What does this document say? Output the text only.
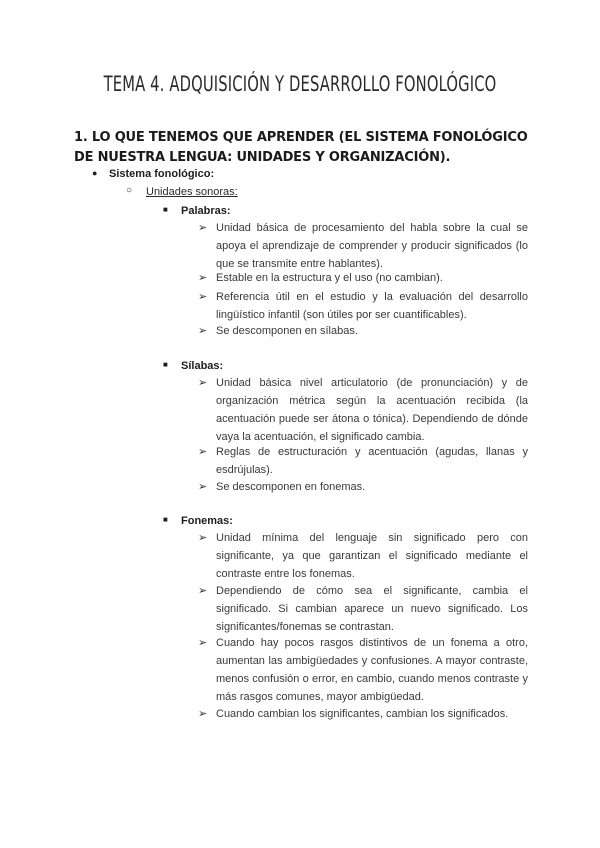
TEMA 4. ADQUISICIÓN Y DESARROLLO FONOLÓGICO
1. LO QUE TENEMOS QUE APRENDER (EL SISTEMA FONOLÓGICO DE NUESTRA LENGUA: UNIDADES Y ORGANIZACIÓN).
● Sistema fonológico:
○ Unidades sonoras:
■ Palabras:
➢ Unidad básica de procesamiento del habla sobre la cual se apoya el aprendizaje de comprender y producir significados (lo que se transmite entre hablantes).
➢ Estable en la estructura y el uso (no cambian).
➢ Referencia útil en el estudio y la evaluación del desarrollo lingüístico infantil (son útiles por ser cuantificables).
➢ Se descomponen en sílabas.
■ Sílabas:
➢ Unidad básica nivel articulatorio (de pronunciación) y de organización métrica según la acentuación recibida (la acentuación puede ser átona o tónica). Dependiendo de dónde vaya la acentuación, el significado cambia.
➢ Reglas de estructuración y acentuación (agudas, llanas y esdrújulas).
➢ Se descomponen en fonemas.
■ Fonemas:
➢ Unidad mínima del lenguaje sin significado pero con significante, ya que garantizan el significado mediante el contraste entre los fonemas.
➢ Dependiendo de cómo sea el significante, cambia el significado. Si cambian aparece un nuevo significado. Los significantes/fonemas se contrastan.
➢ Cuando hay pocos rasgos distintivos de un fonema a otro, aumentan las ambigüedades y confusiones. A mayor contraste, menos confusión o error, en cambio, cuando menos contraste y más rasgos comunes, mayor ambigüedad.
➢ Cuando cambian los significantes, cambian los significados.
